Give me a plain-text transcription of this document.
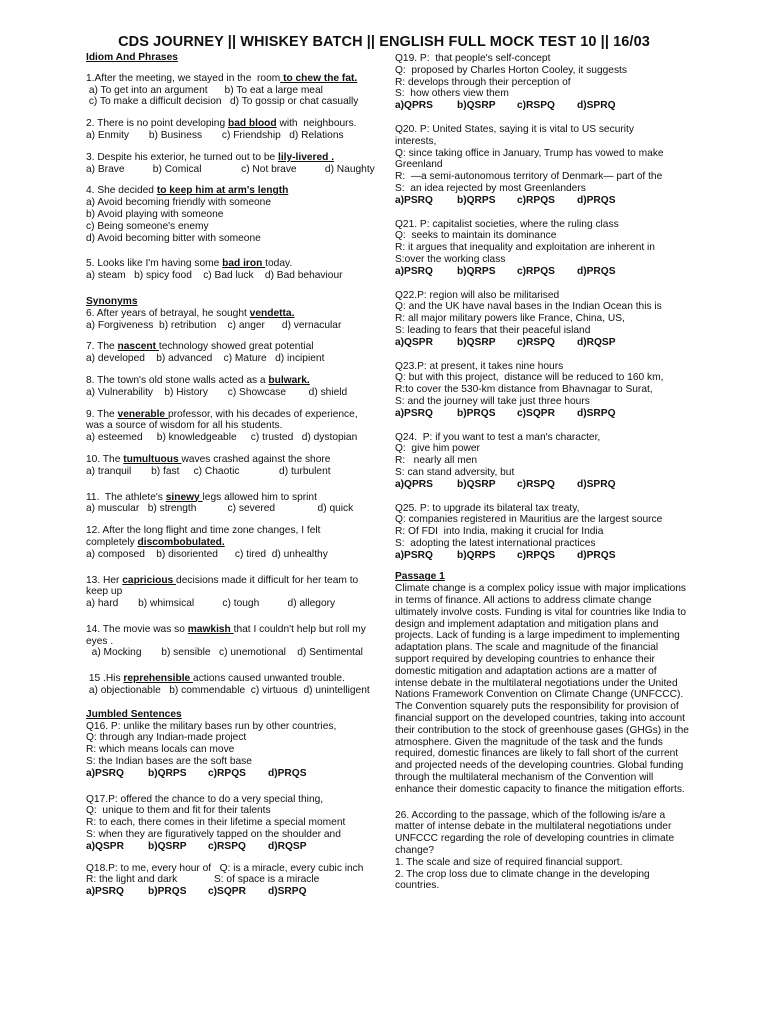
CDS JOURNEY || WHISKEY BATCH || ENGLISH FULL MOCK TEST 10 || 16/03
Idiom And Phrases
1.After the meeting, we stayed in the  room to chew the fat.
a) To get into an argument      b) To eat a large meal
c) To make a difficult decision   d) To gossip or chat casually
2. There is no point developing bad blood with  neighbours.
a) Enmity       b) Business       c) Friendship   d) Relations
3. Despite his exterior, he turned out to be lily-livered .
a) Brave          b) Comical              c) Not brave          d) Naughty
4. She decided to keep him at arm's length
a) Avoid becoming friendly with someone
b) Avoid playing with someone
c) Being someone's enemy
d) Avoid becoming bitter with someone
5. Looks like I'm having some bad iron today.
a) steam   b) spicy food    c) Bad luck    d) Bad behaviour
Synonyms
6. After years of betrayal, he sought vendetta.
a) Forgiveness  b) retribution    c) anger      d) vernacular
7. The nascent technology showed great potential
a) developed    b) advanced    c) Mature   d) incipient
8. The town's old stone walls acted as a bulwark.
a) Vulnerability    b) History       c) Showcase        d) shield
9. The venerable professor, with his decades of experience,
was a source of wisdom for all his students.
a) esteemed     b) knowledgeable     c) trusted   d) dystopian
10. The tumultuous waves crashed against the shore
a) tranquil       b) fast     c) Chaotic              d) turbulent
11.  The athlete's sinewy legs allowed him to sprint
a) muscular   b) strength           c) severed               d) quick
12. After the long flight and time zone changes, I felt
completely discombobulated.
a) composed    b) disoriented      c) tired  d) unhealthy
13. Her capricious decisions made it difficult for her team to
keep up
a) hard       b) whimsical          c) tough          d) allegory
14. The movie was so mawkish that I couldn't help but roll my
eyes .
a) Mocking       b) sensible   c) unemotional    d) Sentimental
15 .His reprehensible actions caused unwanted trouble.
a) objectionable   b) commendable  c) virtuous  d) unintelligent
Jumbled Sentences
Q16. P: unlike the military bases run by other countries,
Q: through any Indian-made project
R: which means locals can move
S: the Indian bases are the soft base
a)PSRQ	b)QRPS	c)RPQS	d)PRQS
Q17.P: offered the chance to do a very special thing,
Q:  unique to them and fit for their talents
R: to each, there comes in their lifetime a special moment
S: when they are figuratively tapped on the shoulder and
a)QSPR	b)QSRP	c)RSPQ	d)RQSP
Q18.P: to me, every hour of   Q: is a miracle, every cubic inch
R: the light and dark             S: of space is a miracle
a)PSRQ	b)PRQS	c)SQPR	d)SRPQ
Q19. P:  that people's self-concept
Q:  proposed by Charles Horton Cooley, it suggests
R: develops through their perception of
S:  how others view them
a)QPRS	b)QSRP	c)RSPQ	d)SPRQ
Q20. P: United States, saying it is vital to US security
interests,
Q: since taking office in January, Trump has vowed to make
Greenland
R:  —a semi-autonomous territory of Denmark— part of the
S:  an idea rejected by most Greenlanders
a)PSRQ	b)QRPS	c)RPQS	d)PRQS
Q21. P: capitalist societies, where the ruling class
Q:  seeks to maintain its dominance
R: it argues that inequality and exploitation are inherent in
S:over the working class
a)PSRQ	b)QRPS	c)RPQS	d)PRQS
Q22.P: region will also be militarised
Q: and the UK have naval bases in the Indian Ocean this is
R: all major military powers like France, China, US,
S: leading to fears that their peaceful island
a)QSPR	b)QSRP	c)RSPQ	d)RQSP
Q23.P: at present, it takes nine hours
Q: but with this project,  distance will be reduced to 160 km,
R:to cover the 530-km distance from Bhavnagar to Surat,
S: and the journey will take just three hours
a)PSRQ	b)PRQS	c)SQPR	d)SRPQ
Q24.  P: if you want to test a man's character,
Q:  give him power
R:   nearly all men
S: can stand adversity, but
a)QPRS	b)QSRP	c)RSPQ	d)SPRQ
Q25. P: to upgrade its bilateral tax treaty,
Q: companies registered in Mauritius are the largest source
R: Of FDI  into India, making it crucial for India
S:  adopting the latest international practices
a)PSRQ	b)QRPS	c)RPQS	d)PRQS
Passage 1
Climate change is a complex policy issue with major implications in terms of finance. All actions to address climate change ultimately involve costs. Funding is vital for countries like India to design and implement adaptation and mitigation plans and projects. Lack of funding is a large impediment to implementing adaptation plans. The scale and magnitude of the financial support required by developing countries to enhance their domestic mitigation and adaptation actions are a matter of intense debate in the multilateral negotiations under the United Nations Framework Convention on Climate Change (UNFCCC). The Convention squarely puts the responsibility for provision of financial support on the developed countries, taking into account their contribution to the stock of greenhouse gases (GHGs) in the atmosphere. Given the magnitude of the task and the funds required, domestic finances are likely to fall short of the current and projected needs of the developing countries. Global funding through the multilateral mechanism of the Convention will enhance their domestic capacity to finance the mitigation efforts.
26. According to the passage, which of the following is/are a matter of intense debate in the multilateral negotiations under UNFCCC regarding the role of developing countries in climate change?
1. The scale and size of required financial support.
2. The crop loss due to climate change in the developing countries.
